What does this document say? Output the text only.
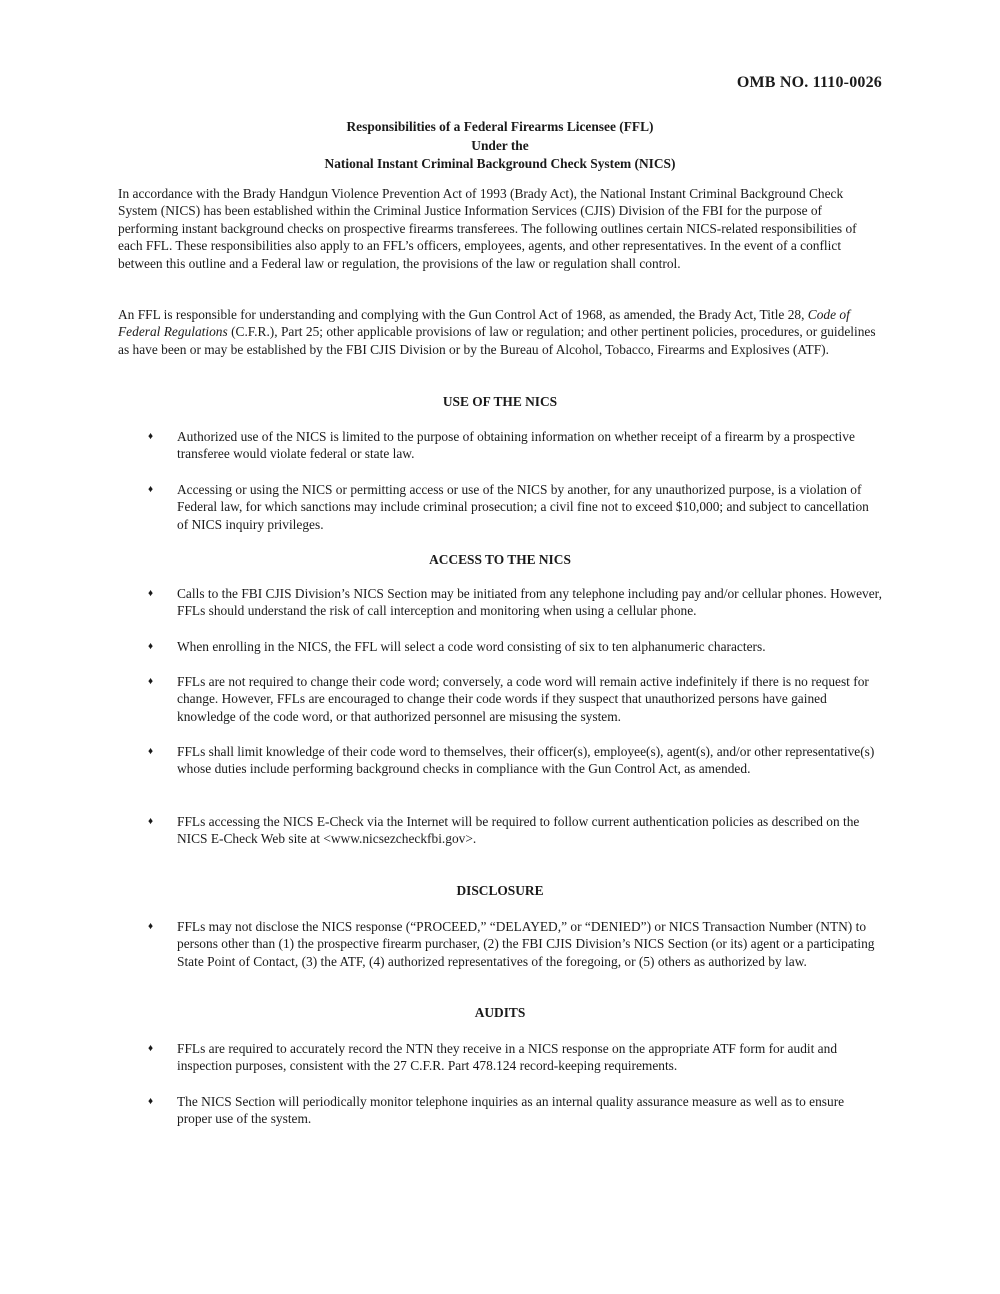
OMB NO. 1110-0026
Responsibilities of a Federal Firearms Licensee (FFL)
Under the
National Instant Criminal Background Check System (NICS)

In accordance with the Brady Handgun Violence Prevention Act of 1993 (Brady Act), the National Instant Criminal Background Check System (NICS) has been established within the Criminal Justice Information Services (CJIS) Division of the FBI for the purpose of performing instant background checks on prospective firearms transferees. The following outlines certain NICS-related responsibilities of each FFL. These responsibilities also apply to an FFL’s officers, employees, agents, and other representatives. In the event of a conflict between this outline and a Federal law or regulation, the provisions of the law or regulation shall control.

An FFL is responsible for understanding and complying with the Gun Control Act of 1968, as amended, the Brady Act, Title 28, Code of Federal Regulations (C.F.R.), Part 25; other applicable provisions of law or regulation; and other pertinent policies, procedures, or guidelines as have been or may be established by the FBI CJIS Division or by the Bureau of Alcohol, Tobacco, Firearms and Explosives (ATF).

USE OF THE NICS
♦ Authorized use of the NICS is limited to the purpose of obtaining information on whether receipt of a firearm by a prospective transferee would violate federal or state law.
♦ Accessing or using the NICS or permitting access or use of the NICS by another, for any unauthorized purpose, is a violation of Federal law, for which sanctions may include criminal prosecution; a civil fine not to exceed $10,000; and subject to cancellation of NICS inquiry privileges.
ACCESS TO THE NICS
♦ Calls to the FBI CJIS Division’s NICS Section may be initiated from any telephone including pay and/or cellular phones. However, FFLs should understand the risk of call interception and monitoring when using a cellular phone.
♦ When enrolling in the NICS, the FFL will select a code word consisting of six to ten alphanumeric characters.
♦ FFLs are not required to change their code word; conversely, a code word will remain active indefinitely if there is no request for change. However, FFLs are encouraged to change their code words if they suspect that unauthorized persons have gained knowledge of the code word, or that authorized personnel are misusing the system.
♦ FFLs shall limit knowledge of their code word to themselves, their officer(s), employee(s), agent(s), and/or other representative(s) whose duties include performing background checks in compliance with the Gun Control Act, as amended.
♦ FFLs accessing the NICS E-Check via the Internet will be required to follow current authentication policies as described on the NICS E-Check Web site at <www.nicsezcheckfbi.gov>.
DISCLOSURE
♦ FFLs may not disclose the NICS response (“PROCEED,” “DELAYED,” or “DENIED”) or NICS Transaction Number (NTN) to persons other than (1) the prospective firearm purchaser, (2) the FBI CJIS Division’s NICS Section (or its) agent or a participating State Point of Contact, (3) the ATF, (4) authorized representatives of the foregoing, or (5) others as authorized by law.
AUDITS
♦ FFLs are required to accurately record the NTN they receive in a NICS response on the appropriate ATF form for audit and inspection purposes, consistent with the 27 C.F.R. Part 478.124 record-keeping requirements.
♦ The NICS Section will periodically monitor telephone inquiries as an internal quality assurance measure as well as to ensure proper use of the system.
